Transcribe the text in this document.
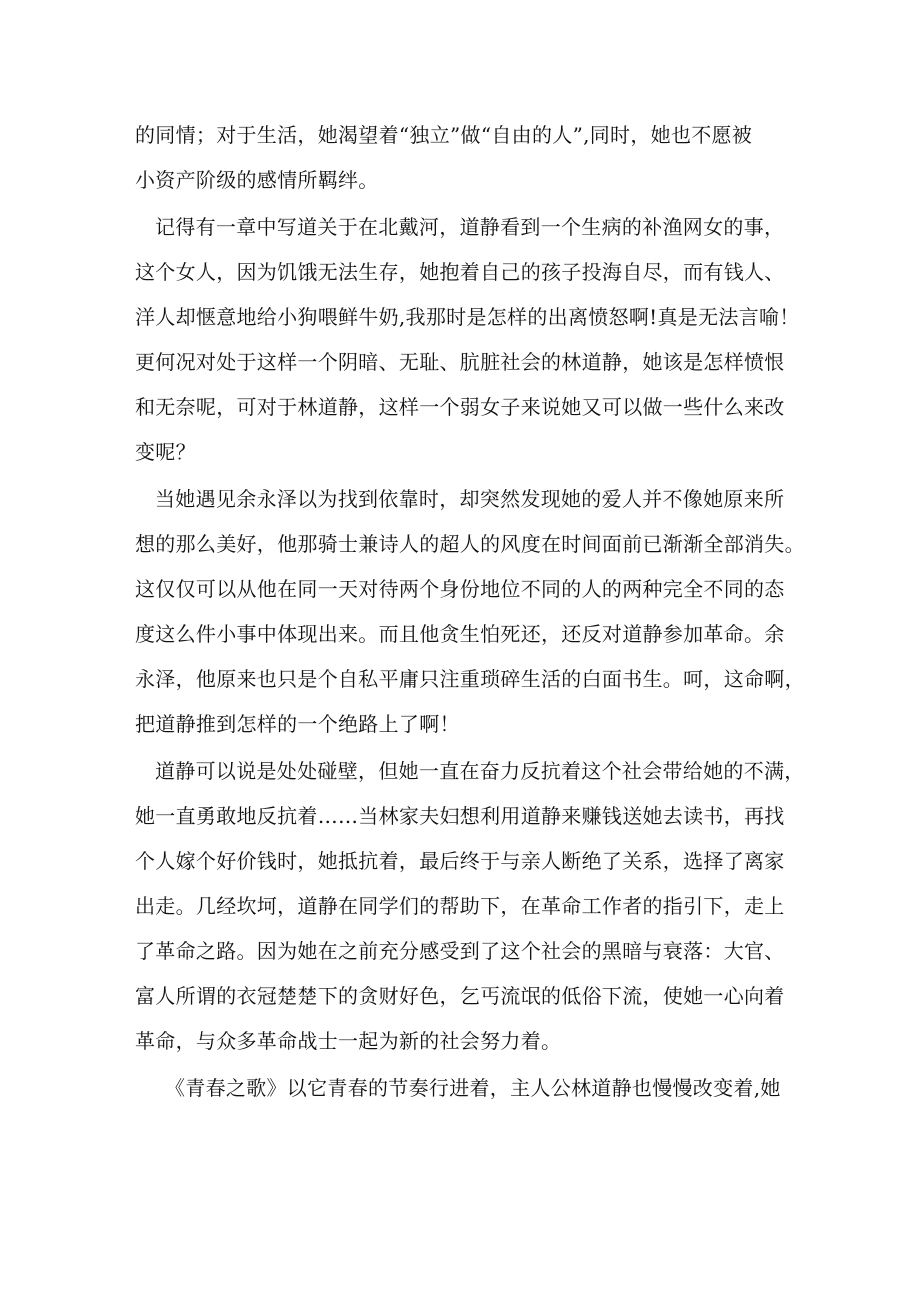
的同情；对于生活，她渴望着“独立”做“自由的人”,同时，她也不愿被
小资产阶级的感情所羁绊。
记得有一章中写道关于在北戴河，道静看到一个生病的补渔网女的事，
这个女人，因为饥饿无法生存，她抱着自己的孩子投海自尽，而有钱人、
洋人却惬意地给小狗喂鲜牛奶,我那时是怎样的出离愤怒啊!真是无法言喻！
更何况对处于这样一个阴暗、无耻、肮脏社会的林道静，她该是怎样愤恨
和无奈呢，可对于林道静，这样一个弱女子来说她又可以做一些什么来改
变呢？
当她遇见余永泽以为找到依靠时，却突然发现她的爱人并不像她原来所
想的那么美好，他那骑士兼诗人的超人的风度在时间面前已渐渐全部消失。
这仅仅可以从他在同一天对待两个身份地位不同的人的两种完全不同的态
度这么件小事中体现出来。而且他贪生怕死还，还反对道静参加革命。余
永泽，他原来也只是个自私平庸只注重琐碎生活的白面书生。呵，这命啊，
把道静推到怎样的一个绝路上了啊！
道静可以说是处处碰壁，但她一直在奋力反抗着这个社会带给她的不满，
她一直勇敢地反抗着……当林家夫妇想利用道静来赚钱送她去读书，再找
个人嫁个好价钱时，她抵抗着，最后终于与亲人断绝了关系，选择了离家
出走。几经坎坷，道静在同学们的帮助下，在革命工作者的指引下，走上
了革命之路。因为她在之前充分感受到了这个社会的黑暗与衰落：大官、
富人所谓的衣冠楚楚下的贪财好色，乞丐流氓的低俗下流，使她一心向着
革命，与众多革命战士一起为新的社会努力着。
《青春之歌》以它青春的节奏行进着，主人公林道静也慢慢改变着,她
